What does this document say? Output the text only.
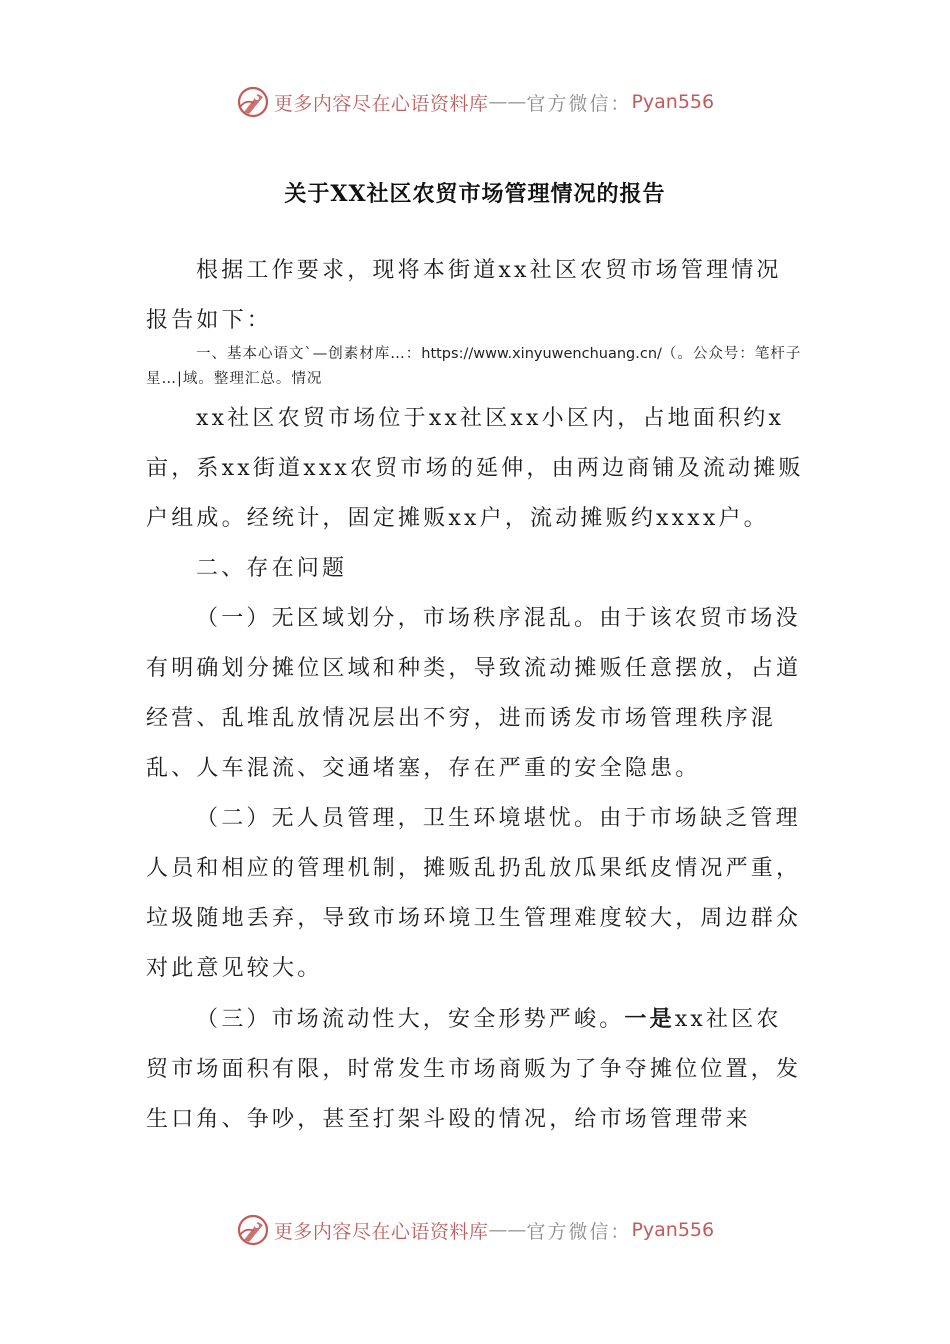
更多内容尽在心语资料库 —— 官方微信： Pyan556
关于XX社区农贸市场管理情况的报告

根据工作要求，现将本街道xx社区农贸市场管理情况报告如下：

一、基本心语文`—创素材库…：https://www.xinyuwenchuang.cn/（。公众号：笔杆子星…|域。整理汇总。情况

xx社区农贸市场位于xx社区xx小区内，占地面积约x亩，系xx街道xxx农贸市场的延伸，由两边商铺及流动摊贩户组成。经统计，固定摊贩xx户，流动摊贩约xxxx户。

二、存在问题

（一）无区域划分，市场秩序混乱。由于该农贸市场没有明确划分摊位区域和种类，导致流动摊贩任意摆放，占道经营、乱堆乱放情况层出不穷，进而诱发市场管理秩序混乱、人车混流、交通堵塞，存在严重的安全隐患。

（二）无人员管理，卫生环境堪忧。由于市场缺乏管理人员和相应的管理机制，摊贩乱扔乱放瓜果纸皮情况严重，垃圾随地丢弃，导致市场环境卫生管理难度较大，周边群众对此意见较大。

（三）市场流动性大，安全形势严峻。一是xx社区农贸市场面积有限，时常发生市场商贩为了争夺摊位位置，发生口角、争吵，甚至打架斗殴的情况，给市场管理带来

更多内容尽在心语资料库 —— 官方微信： Pyan556
